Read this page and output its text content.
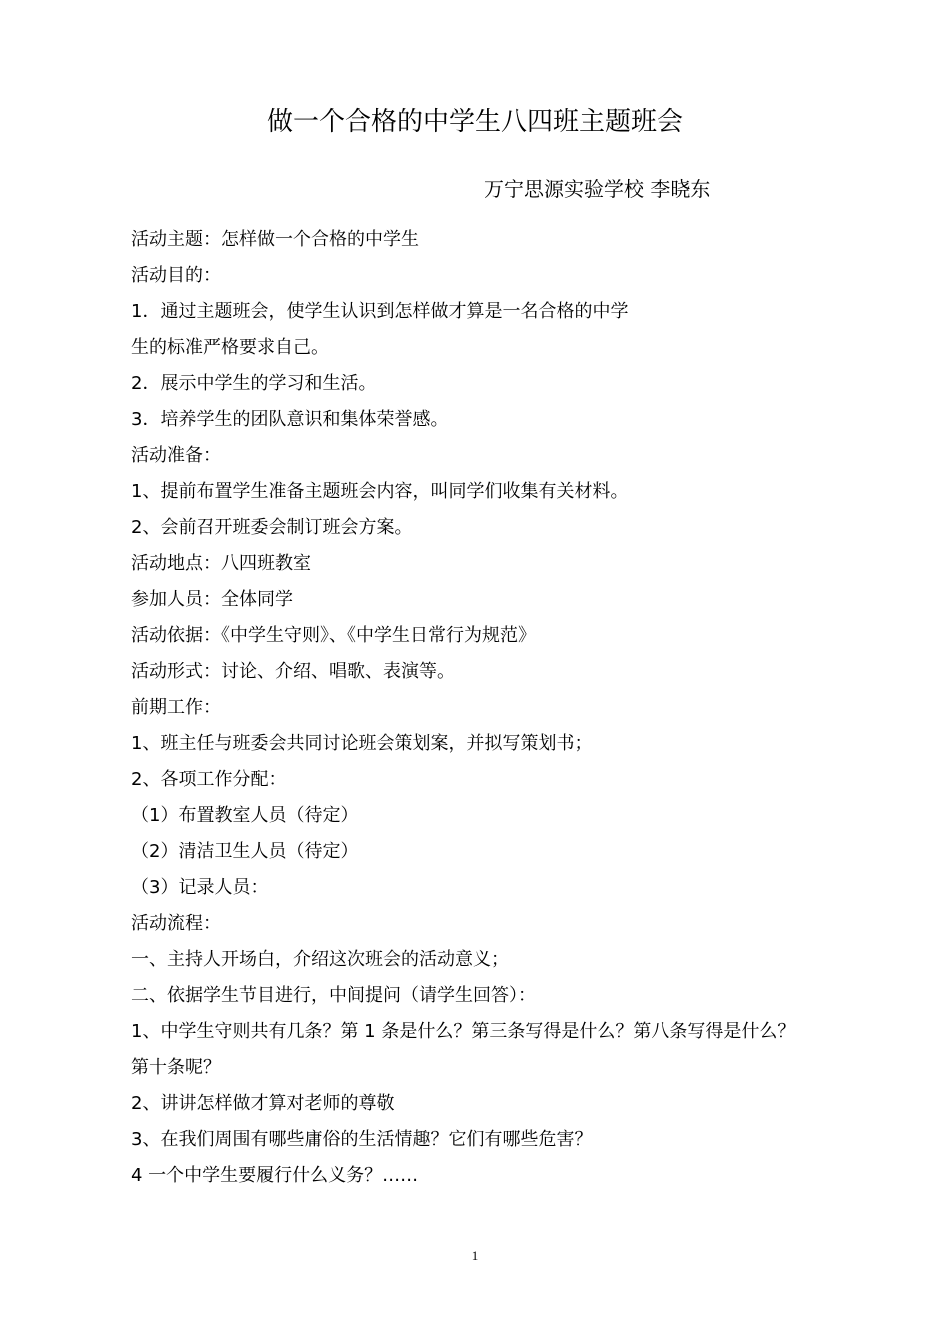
做一个合格的中学生八四班主题班会

万宁思源实验学校 李晓东

活动主题：怎样做一个合格的中学生

活动目的：

1．通过主题班会，使学生认识到怎样做才算是一名合格的中学

生的标准严格要求自己。

2．展示中学生的学习和生活。

3．培养学生的团队意识和集体荣誉感。

活动准备：

1、提前布置学生准备主题班会内容，叫同学们收集有关材料。

2、会前召开班委会制订班会方案。

活动地点：八四班教室

参加人员：全体同学

活动依据：《中学生守则》、《中学生日常行为规范》

活动形式：讨论、介绍、唱歌、表演等。

前期工作：

1、班主任与班委会共同讨论班会策划案，并拟写策划书；

2、各项工作分配：

（1）布置教室人员（待定）

（2）清洁卫生人员（待定）

（3）记录人员：

活动流程：

一、主持人开场白，介绍这次班会的活动意义；

二、依据学生节目进行，中间提问（请学生回答）：

1、中学生守则共有几条？第 1 条是什么？第三条写得是什么？第八条写得是什么？

第十条呢？

2、讲讲怎样做才算对老师的尊敬

3、在我们周围有哪些庸俗的生活情趣？它们有哪些危害？

4 一个中学生要履行什么义务？……

1
